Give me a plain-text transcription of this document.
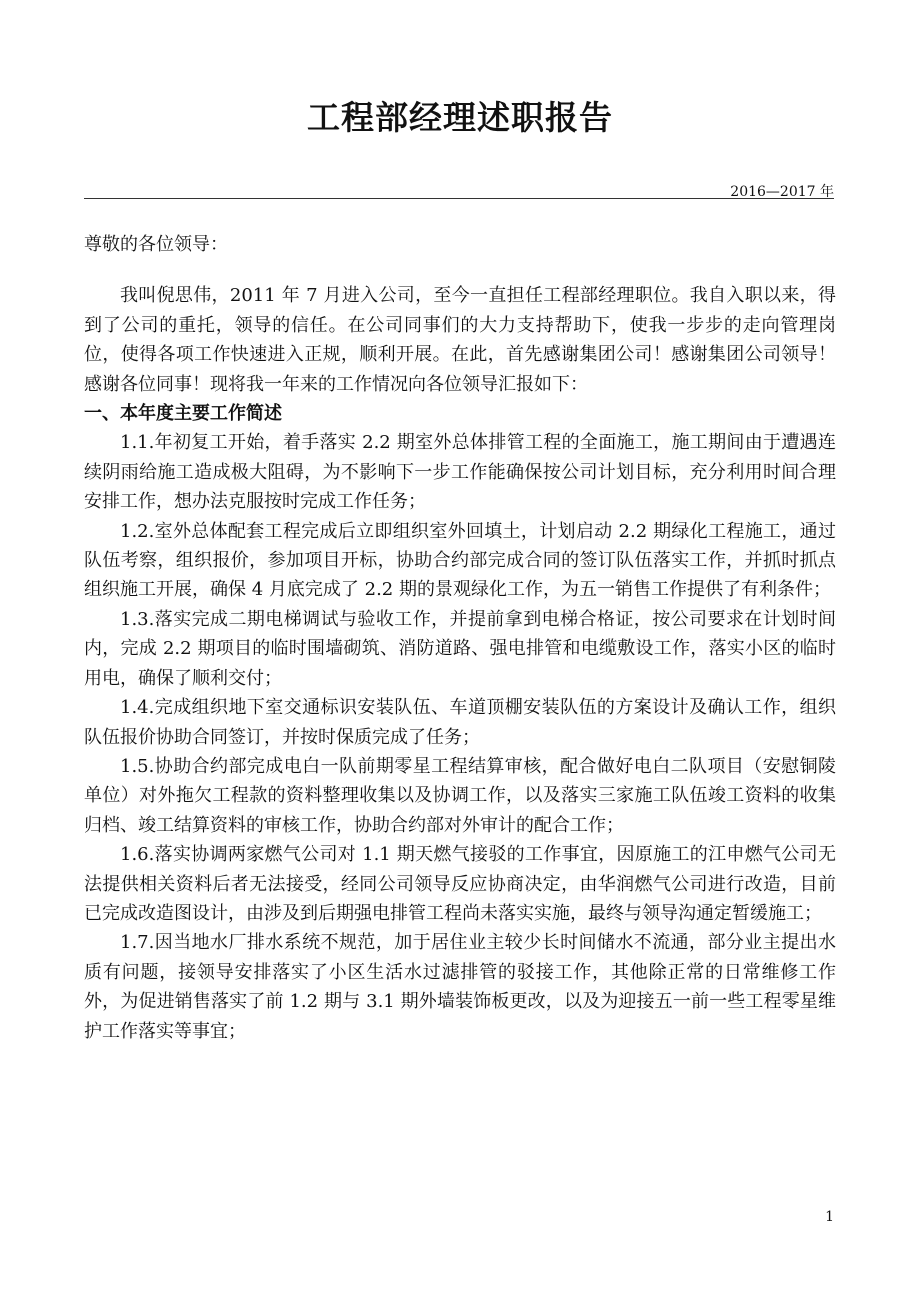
工程部经理述职报告
2016—2017 年

尊敬的各位领导：

我叫倪思伟，2011 年 7 月进入公司，至今一直担任工程部经理职位。我自入职以来，得到了公司的重托，领导的信任。在公司同事们的大力支持帮助下，使我一步步的走向管理岗位，使得各项工作快速进入正规，顺利开展。在此，首先感谢集团公司！感谢集团公司领导！感谢各位同事！现将我一年来的工作情况向各位领导汇报如下：

一、本年度主要工作简述

1.1.年初复工开始，着手落实 2.2 期室外总体排管工程的全面施工，施工期间由于遭遇连续阴雨给施工造成极大阻碍，为不影响下一步工作能确保按公司计划目标，充分利用时间合理安排工作，想办法克服按时完成工作任务；

1.2.室外总体配套工程完成后立即组织室外回填土，计划启动 2.2 期绿化工程施工，通过队伍考察，组织报价，参加项目开标，协助合约部完成合同的签订队伍落实工作，并抓时抓点组织施工开展，确保 4 月底完成了 2.2 期的景观绿化工作，为五一销售工作提供了有利条件；

1.3.落实完成二期电梯调试与验收工作，并提前拿到电梯合格证，按公司要求在计划时间内，完成 2.2 期项目的临时围墙砌筑、消防道路、强电排管和电缆敷设工作，落实小区的临时用电，确保了顺利交付；

1.4.完成组织地下室交通标识安装队伍、车道顶棚安装队伍的方案设计及确认工作，组织队伍报价协助合同签订，并按时保质完成了任务；

1.5.协助合约部完成电白一队前期零星工程结算审核，配合做好电白二队项目（安慰铜陵单位）对外拖欠工程款的资料整理收集以及协调工作，以及落实三家施工队伍竣工资料的收集归档、竣工结算资料的审核工作，协助合约部对外审计的配合工作；

1.6.落实协调两家燃气公司对 1.1 期天燃气接驳的工作事宜，因原施工的江申燃气公司无法提供相关资料后者无法接受，经同公司领导反应协商决定，由华润燃气公司进行改造，目前已完成改造图设计，由涉及到后期强电排管工程尚未落实实施，最终与领导沟通定暂缓施工；

1.7.因当地水厂排水系统不规范，加于居住业主较少长时间储水不流通，部分业主提出水质有问题，接领导安排落实了小区生活水过滤排管的驳接工作，其他除正常的日常维修工作外，为促进销售落实了前 1.2 期与 3.1 期外墙装饰板更改，以及为迎接五一前一些工程零星维护工作落实等事宜；

1
